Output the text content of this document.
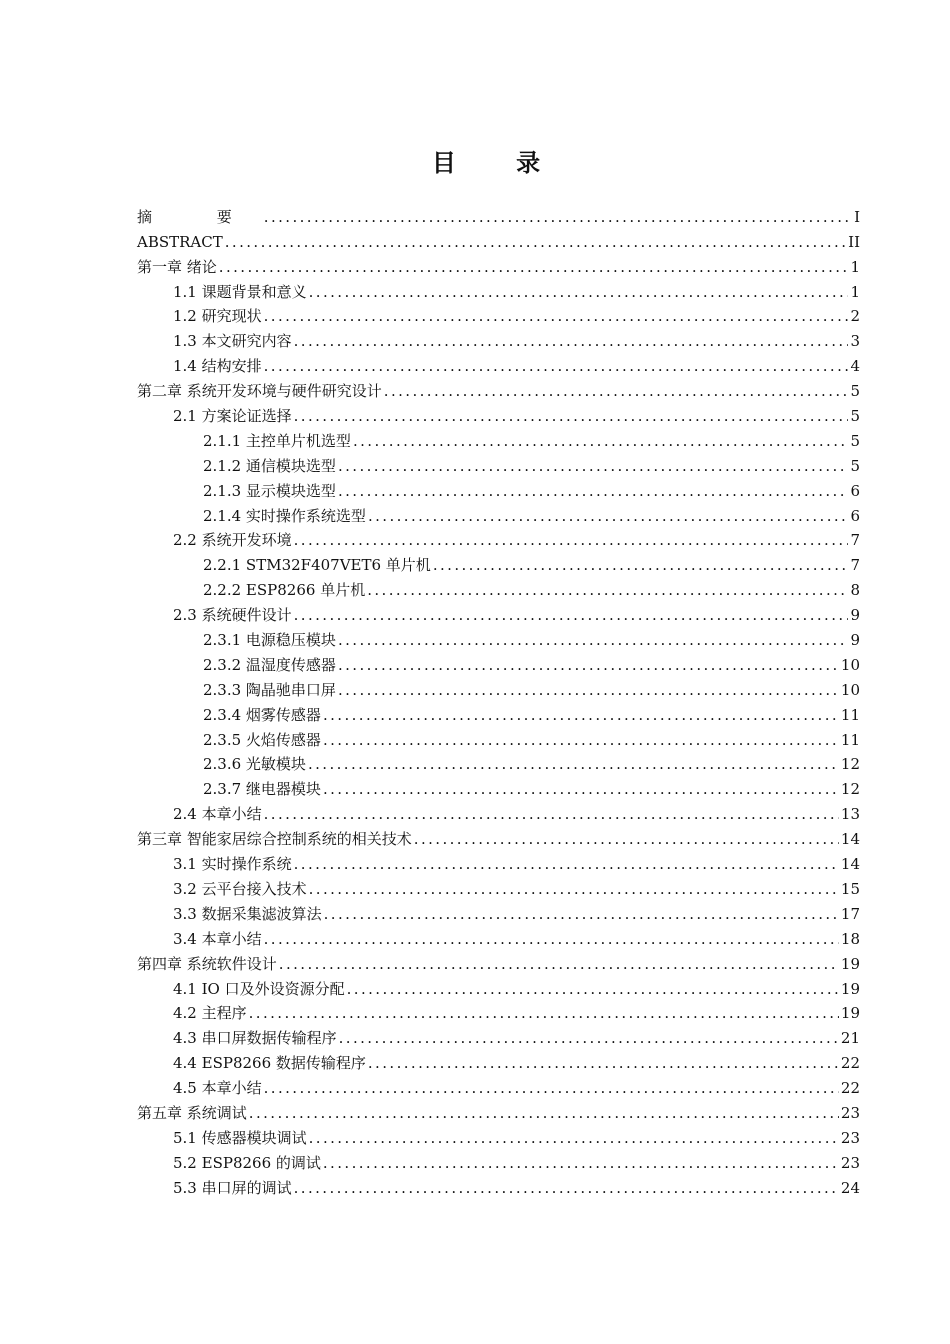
目 录
摘 要 .....	I
ABSTRACT .....	II
第一章 绪论 .....	1
1.1 课题背景和意义 .....	1
1.2 研究现状 .....	2
1.3 本文研究内容 .....	3
1.4 结构安排 .....	4
第二章 系统开发环境与硬件研究设计 .....	5
2.1 方案论证选择 .....	5
2.1.1 主控单片机选型 .....	5
2.1.2 通信模块选型 .....	5
2.1.3 显示模块选型 .....	6
2.1.4 实时操作系统选型 .....	6
2.2 系统开发环境 .....	7
2.2.1 STM32F407VET6 单片机 .....	7
2.2.2 ESP8266 单片机 .....	8
2.3 系统硬件设计 .....	9
2.3.1 电源稳压模块 .....	9
2.3.2 温湿度传感器 .....	10
2.3.3 陶晶驰串口屏 .....	10
2.3.4 烟雾传感器 .....	11
2.3.5 火焰传感器 .....	11
2.3.6 光敏模块 .....	12
2.3.7 继电器模块 .....	12
2.4 本章小结 .....	13
第三章 智能家居综合控制系统的相关技术 .....	14
3.1 实时操作系统 .....	14
3.2 云平台接入技术 .....	15
3.3 数据采集滤波算法 .....	17
3.4 本章小结 .....	18
第四章 系统软件设计 .....	19
4.1 IO 口及外设资源分配 .....	19
4.2 主程序 .....	19
4.3 串口屏数据传输程序 .....	21
4.4 ESP8266 数据传输程序 .....	22
4.5 本章小结 .....	22
第五章 系统调试 .....	23
5.1 传感器模块调试 .....	23
5.2 ESP8266 的调试 .....	23
5.3 串口屏的调试 .....	24
